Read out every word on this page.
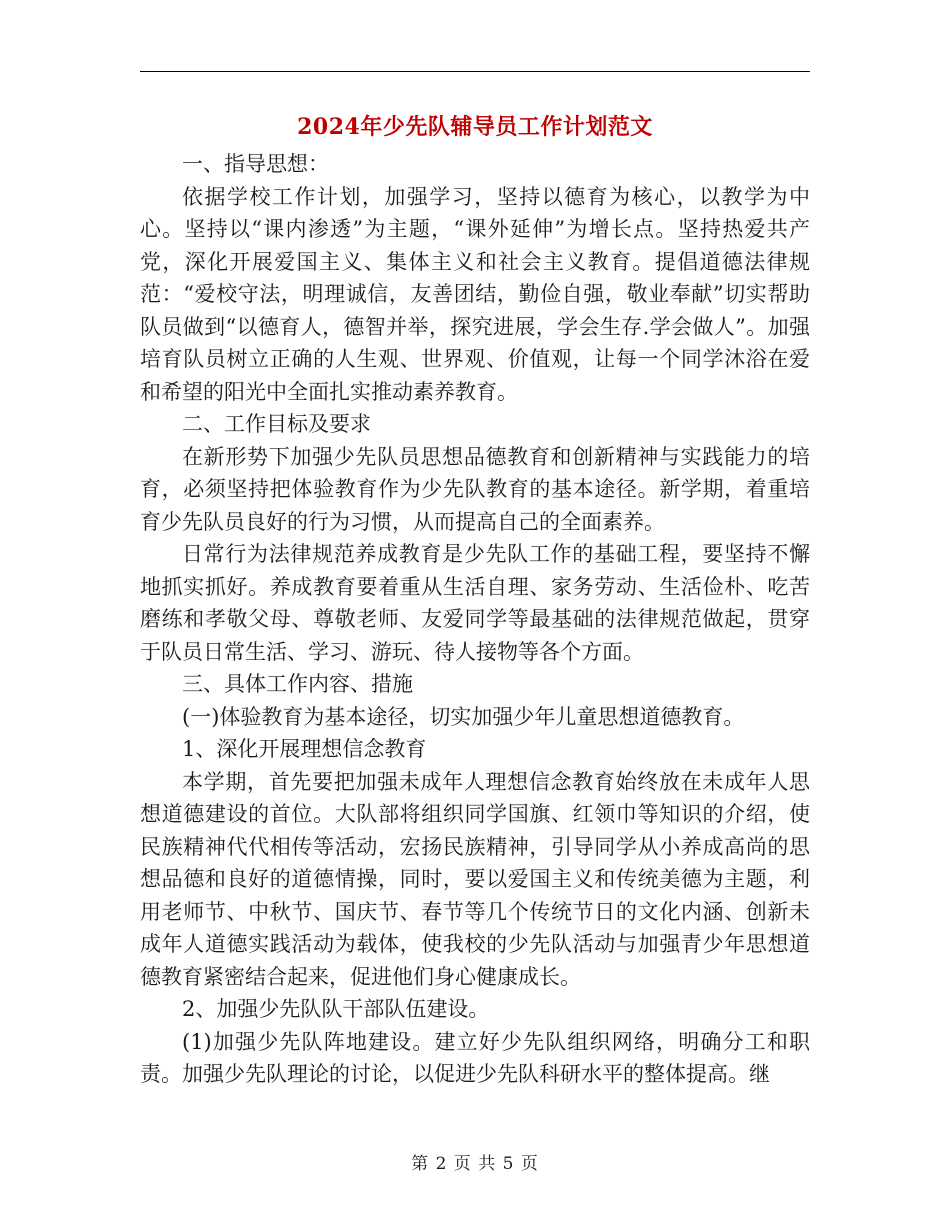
2024年少先队辅导员工作计划范文

一、指导思想：

依据学校工作计划，加强学习，坚持以德育为核心，以教学为中心。坚持以“课内渗透”为主题，“课外延伸”为增长点。坚持热爱共产党，深化开展爱国主义、集体主义和社会主义教育。提倡道德法律规范：“爱校守法，明理诚信，友善团结，勤俭自强，敬业奉献”切实帮助队员做到“以德育人，德智并举，探究进展，学会生存.学会做人”。加强培育队员树立正确的人生观、世界观、价值观，让每一个同学沐浴在爱和希望的阳光中全面扎实推动素养教育。

二、工作目标及要求

在新形势下加强少先队员思想品德教育和创新精神与实践能力的培育，必须坚持把体验教育作为少先队教育的基本途径。新学期，着重培育少先队员良好的行为习惯，从而提高自己的全面素养。

日常行为法律规范养成教育是少先队工作的基础工程，要坚持不懈地抓实抓好。养成教育要着重从生活自理、家务劳动、生活俭朴、吃苦磨练和孝敬父母、尊敬老师、友爱同学等最基础的法律规范做起，贯穿于队员日常生活、学习、游玩、待人接物等各个方面。

三、具体工作内容、措施

(一)体验教育为基本途径，切实加强少年儿童思想道德教育。

1、深化开展理想信念教育

本学期，首先要把加强未成年人理想信念教育始终放在未成年人思想道德建设的首位。大队部将组织同学国旗、红领巾等知识的介绍，使民族精神代代相传等活动，宏扬民族精神，引导同学从小养成高尚的思想品德和良好的道德情操，同时，要以爱国主义和传统美德为主题，利用老师节、中秋节、国庆节、春节等几个传统节日的文化内涵、创新未成年人道德实践活动为载体，使我校的少先队活动与加强青少年思想道德教育紧密结合起来，促进他们身心健康成长。

2、加强少先队队干部队伍建设。

(1)加强少先队阵地建设。建立好少先队组织网络，明确分工和职责。加强少先队理论的讨论，以促进少先队科研水平的整体提高。继

第 2 页 共 5 页
